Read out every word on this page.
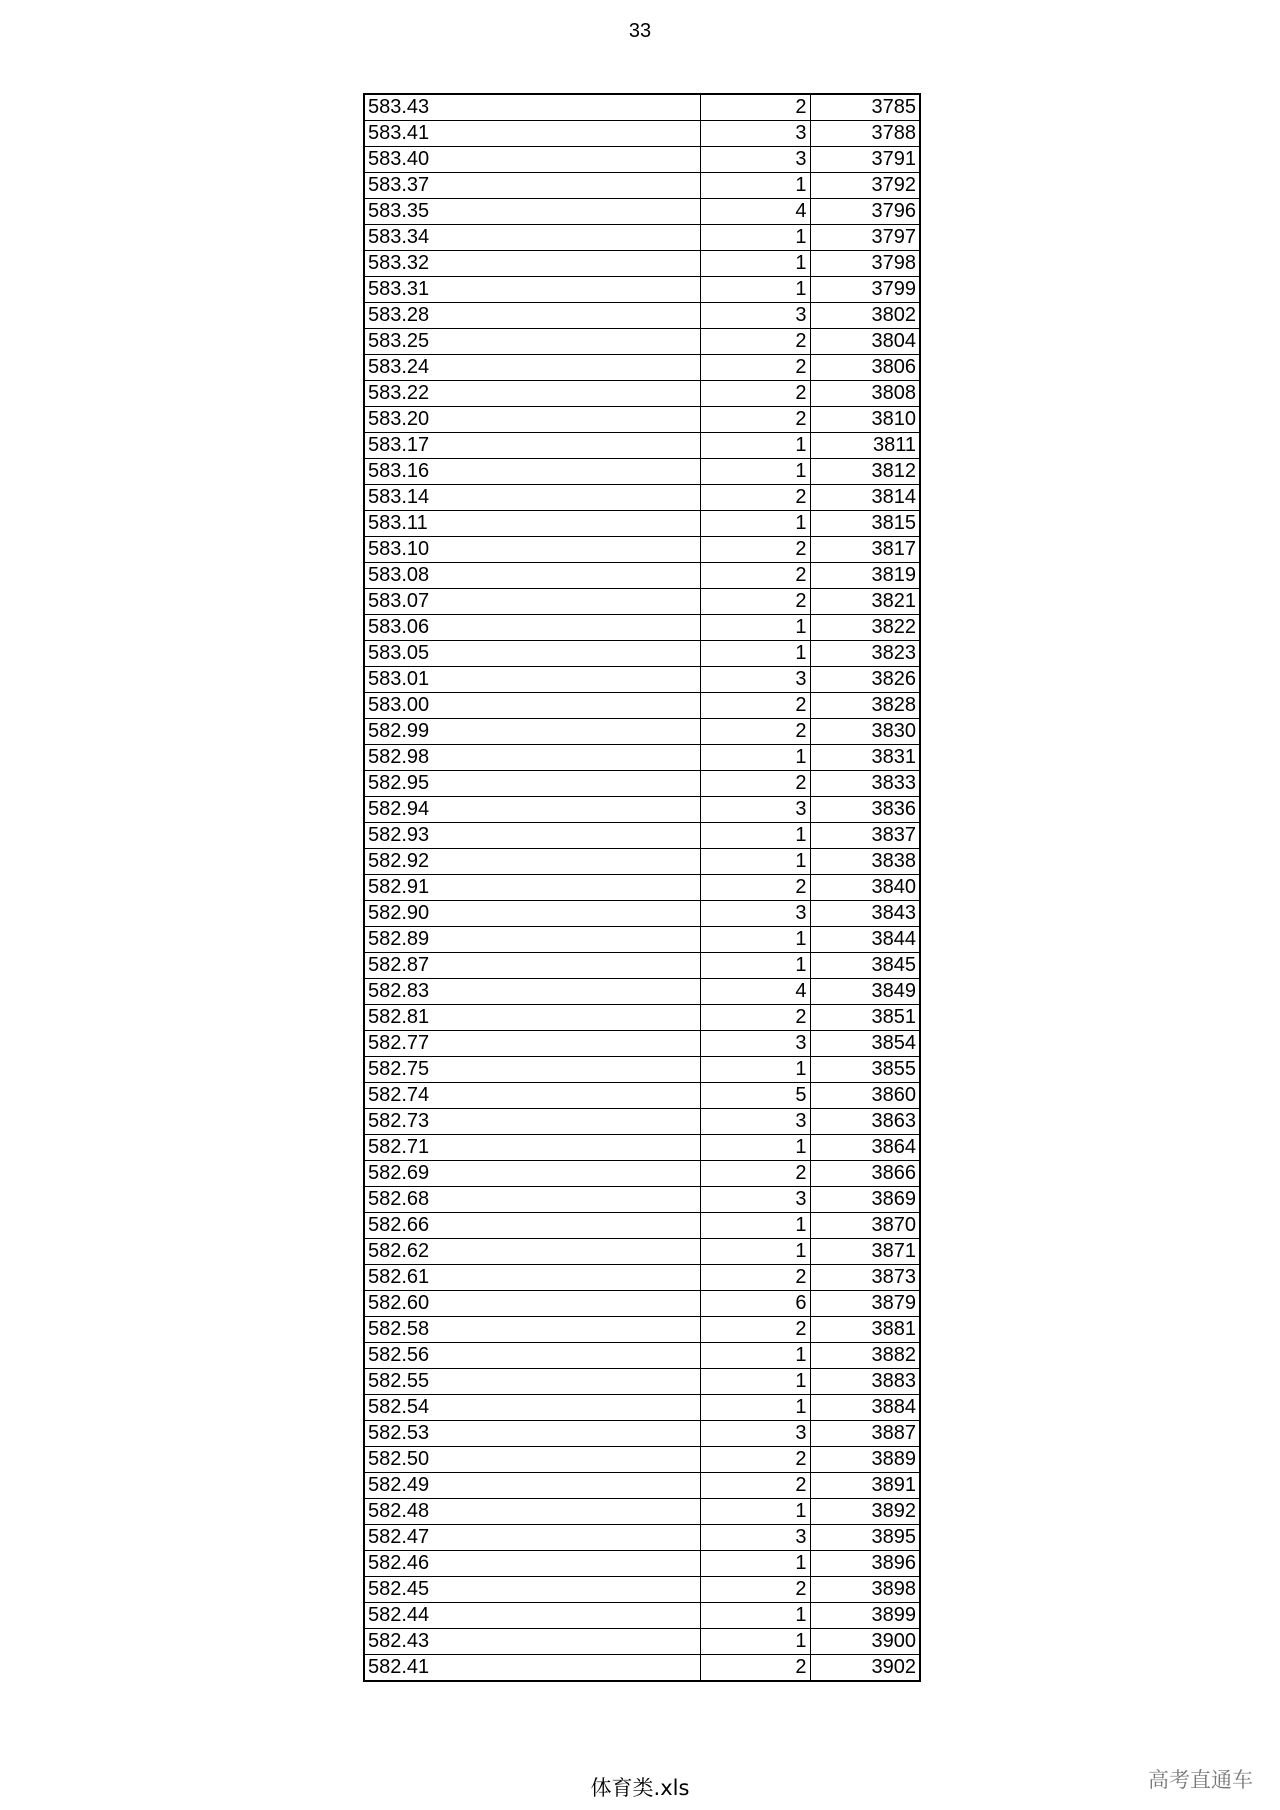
33
583.43	2	3785
583.41	3	3788
583.40	3	3791
583.37	1	3792
583.35	4	3796
583.34	1	3797
583.32	1	3798
583.31	1	3799
583.28	3	3802
583.25	2	3804
583.24	2	3806
583.22	2	3808
583.20	2	3810
583.17	1	3811
583.16	1	3812
583.14	2	3814
583.11	1	3815
583.10	2	3817
583.08	2	3819
583.07	2	3821
583.06	1	3822
583.05	1	3823
583.01	3	3826
583.00	2	3828
582.99	2	3830
582.98	1	3831
582.95	2	3833
582.94	3	3836
582.93	1	3837
582.92	1	3838
582.91	2	3840
582.90	3	3843
582.89	1	3844
582.87	1	3845
582.83	4	3849
582.81	2	3851
582.77	3	3854
582.75	1	3855
582.74	5	3860
582.73	3	3863
582.71	1	3864
582.69	2	3866
582.68	3	3869
582.66	1	3870
582.62	1	3871
582.61	2	3873
582.60	6	3879
582.58	2	3881
582.56	1	3882
582.55	1	3883
582.54	1	3884
582.53	3	3887
582.50	2	3889
582.49	2	3891
582.48	1	3892
582.47	3	3895
582.46	1	3896
582.45	2	3898
582.44	1	3899
582.43	1	3900
582.41	2	3902
体育类.xls	高考直通车
